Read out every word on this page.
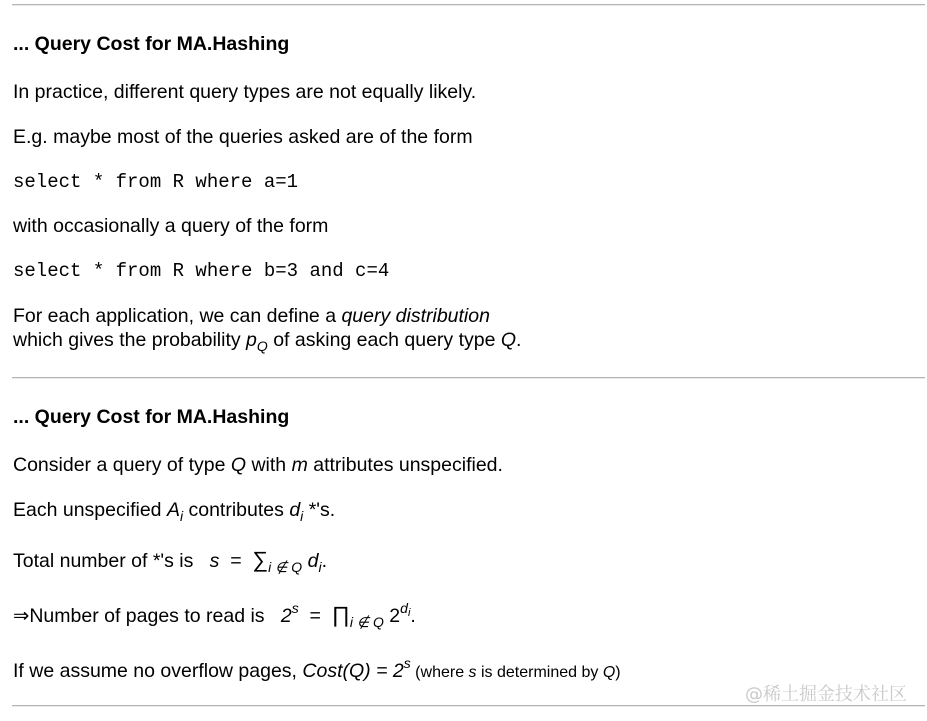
... Query Cost for MA.Hashing
In practice, different query types are not equally likely.
E.g. maybe most of the queries asked are of the form
select * from R where a=1
with occasionally a query of the form
select * from R where b=3 and c=4
For each application, we can define a query distribution
which gives the probability $p_Q$ of asking each query type Q.
... Query Cost for MA.Hashing
Consider a query of type Q with m attributes unspecified.
Each unspecified $A_i$ contributes $d_i$ *'s.
Total number of *'s is $s = \sum_{i \notin Q}$ $d_i$.
⇒Number of pages to read is $2^s$ = $\prod_{i \notin Q}$ $2^{d_i}$.
If we assume no overflow pages, Cost(Q) = $2^s$ (where s is determined by Q)
@稀土掘金技术社区
